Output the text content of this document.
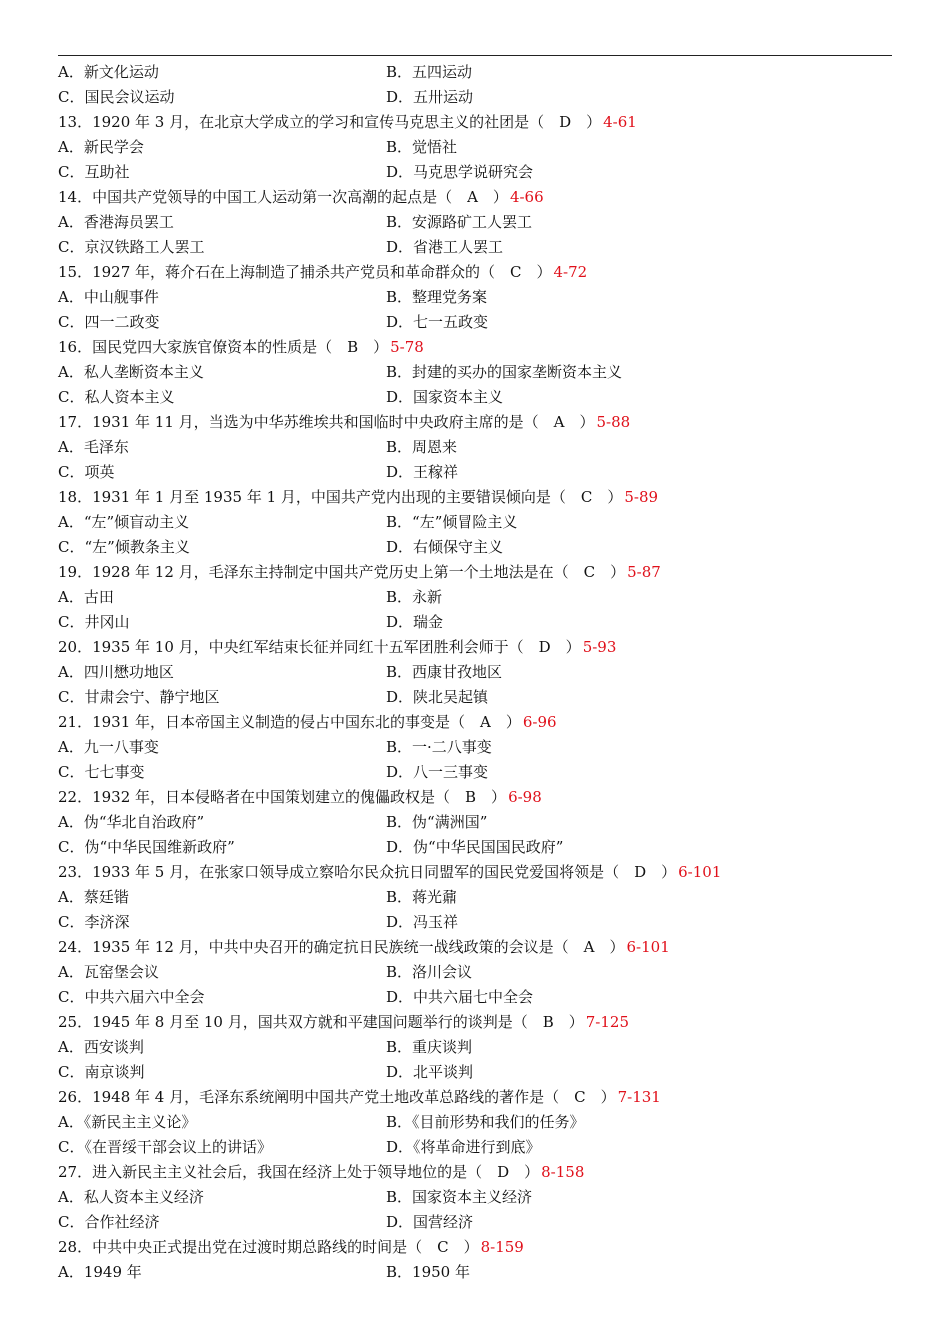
A．新文化运动	B．五四运动
C．国民会议运动	D．五卅运动
13．1920 年 3 月，在北京大学成立的学习和宣传马克思主义的社团是（　D　） 4-61
A．新民学会	B．觉悟社
C．互助社	D．马克思学说研究会
14．中国共产党领导的中国工人运动第一次高潮的起点是（　A　） 4-66
A．香港海员罢工	B．安源路矿工人罢工
C．京汉铁路工人罢工	D．省港工人罢工
15．1927 年，蒋介石在上海制造了捕杀共产党员和革命群众的（　C　） 4-72
A．中山舰事件	B．整理党务案
C．四一二政变	D．七一五政变
16．国民党四大家族官僚资本的性质是（　B　） 5-78
A．私人垄断资本主义	B．封建的买办的国家垄断资本主义
C．私人资本主义	D．国家资本主义
17．1931 年 11 月，当选为中华苏维埃共和国临时中央政府主席的是（　A　） 5-88
A．毛泽东	B．周恩来
C．项英	D．王稼祥
18．1931 年 1 月至 1935 年 1 月，中国共产党内出现的主要错误倾向是（　C　） 5-89
A．“左”倾盲动主义	B．“左”倾冒险主义
C．“左”倾教条主义	D．右倾保守主义
19．1928 年 12 月，毛泽东主持制定中国共产党历史上第一个土地法是在（　C　） 5-87
A．古田	B．永新
C．井冈山	D．瑞金
20．1935 年 10 月，中央红军结束长征并同红十五军团胜利会师于（　D　） 5-93
A．四川懋功地区	B．西康甘孜地区
C．甘肃会宁、静宁地区	D．陕北吴起镇
21．1931 年，日本帝国主义制造的侵占中国东北的事变是（　A　） 6-96
A．九一八事变	B．一·二八事变
C．七七事变	D．八一三事变
22．1932 年，日本侵略者在中国策划建立的傀儡政权是（　B　） 6-98
A．伪“华北自治政府”	B．伪“满洲国”
C．伪“中华民国维新政府”	D．伪“中华民国国民政府”
23．1933 年 5 月，在张家口领导成立察哈尔民众抗日同盟军的国民党爱国将领是（　D　） 6-101
A．蔡廷锴	B．蒋光鼐
C．李济深	D．冯玉祥
24．1935 年 12 月，中共中央召开的确定抗日民族统一战线政策的会议是（　A　） 6-101
A．瓦窑堡会议	B．洛川会议
C．中共六届六中全会	D．中共六届七中全会
25．1945 年 8 月至 10 月，国共双方就和平建国问题举行的谈判是（　B　） 7-125
A．西安谈判	B．重庆谈判
C．南京谈判	D．北平谈判
26．1948 年 4 月，毛泽东系统阐明中国共产党土地改革总路线的著作是（　C　） 7-131
A．《新民主主义论》	B．《目前形势和我们的任务》
C．《在晋绥干部会议上的讲话》	D．《将革命进行到底》
27．进入新民主主义社会后，我国在经济上处于领导地位的是（　D　） 8-158
A．私人资本主义经济	B．国家资本主义经济
C．合作社经济	D．国营经济
28．中共中央正式提出党在过渡时期总路线的时间是（　C　） 8-159
A．1949 年	B．1950 年
